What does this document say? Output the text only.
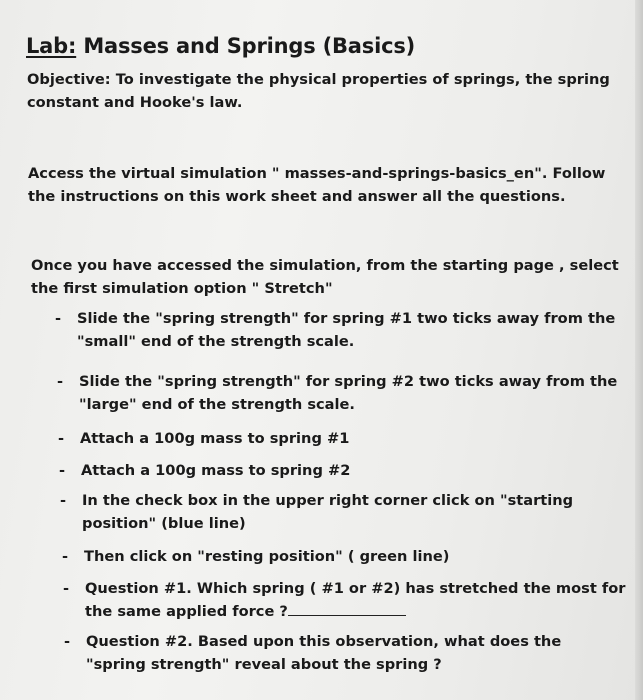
Lab: Masses and Springs (Basics)
Objective: To investigate the physical properties of springs, the spring
constant and Hooke's law.
Access the virtual simulation " masses-and-springs-basics_en". Follow
the instructions on this work sheet and answer all the questions.
Once you have accessed the simulation, from the starting page , select
the first simulation option " Stretch"
- Slide the "spring strength" for spring #1 two ticks away from the
"small" end of the strength scale.
- Slide the "spring strength" for spring #2 two ticks away from the
"large" end of the strength scale.
- Attach a 100g mass to spring #1
- Attach a 100g mass to spring #2
- In the check box in the upper right corner click on "starting
position" (blue line)
- Then click on "resting position" ( green line)
- Question #1. Which spring ( #1 or #2) has stretched the most for
the same applied force ?
- Question #2. Based upon this observation, what does the
"spring strength" reveal about the spring ?
